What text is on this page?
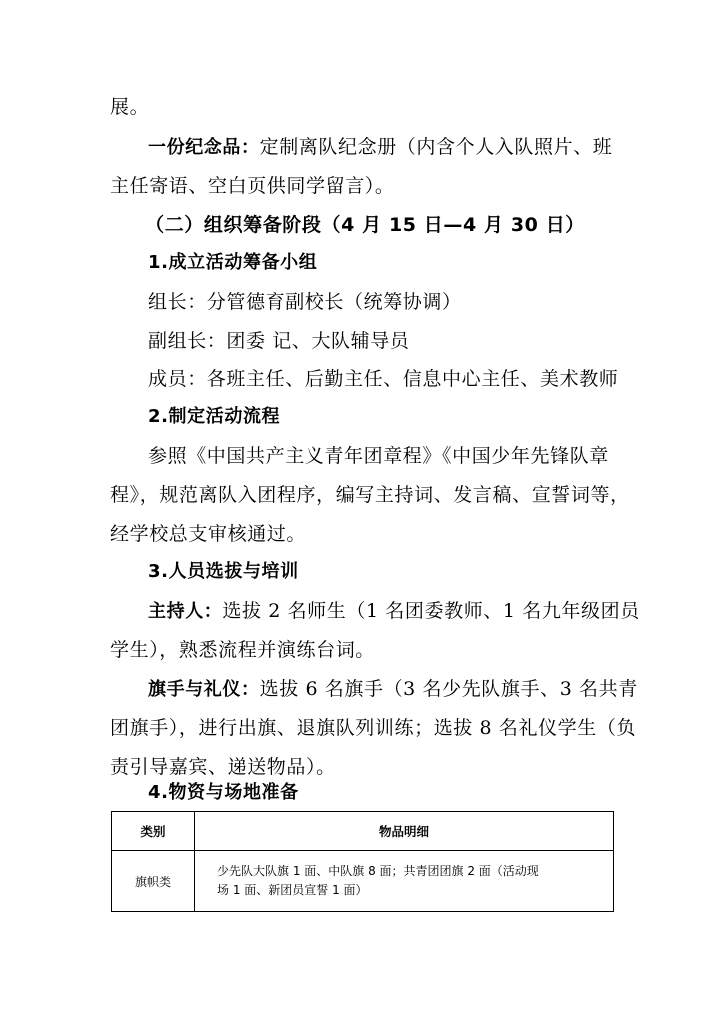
展。
一份纪念品：定制离队纪念册（内含个人入队照片、班
主任寄语、空白页供同学留言）。
（二）组织筹备阶段（4 月 15 日—4 月 30 日）
1.成立活动筹备小组
组长：分管德育副校长（统筹协调）
副组长：团委 记、大队辅导员
成员：各班主任、后勤主任、信息中心主任、美术教师
2.制定活动流程
参照《中国共产主义青年团章程》《中国少年先锋队章
程》，规范离队入团程序，编写主持词、发言稿、宣誓词等，
经学校总支审核通过。
3.人员选拔与培训
主持人：选拔 2 名师生（1 名团委教师、1 名九年级团员
学生），熟悉流程并演练台词。
旗手与礼仪：选拔 6 名旗手（3 名少先队旗手、3 名共青
团旗手），进行出旗、退旗队列训练；选拔 8 名礼仪学生（负
责引导嘉宾、递送物品）。
4.物资与场地准备
类别	物品明细
旗帜类	少先队大队旗 1 面、中队旗 8 面；共青团团旗 2 面（活动现
场 1 面、新团员宣誓 1 面）
